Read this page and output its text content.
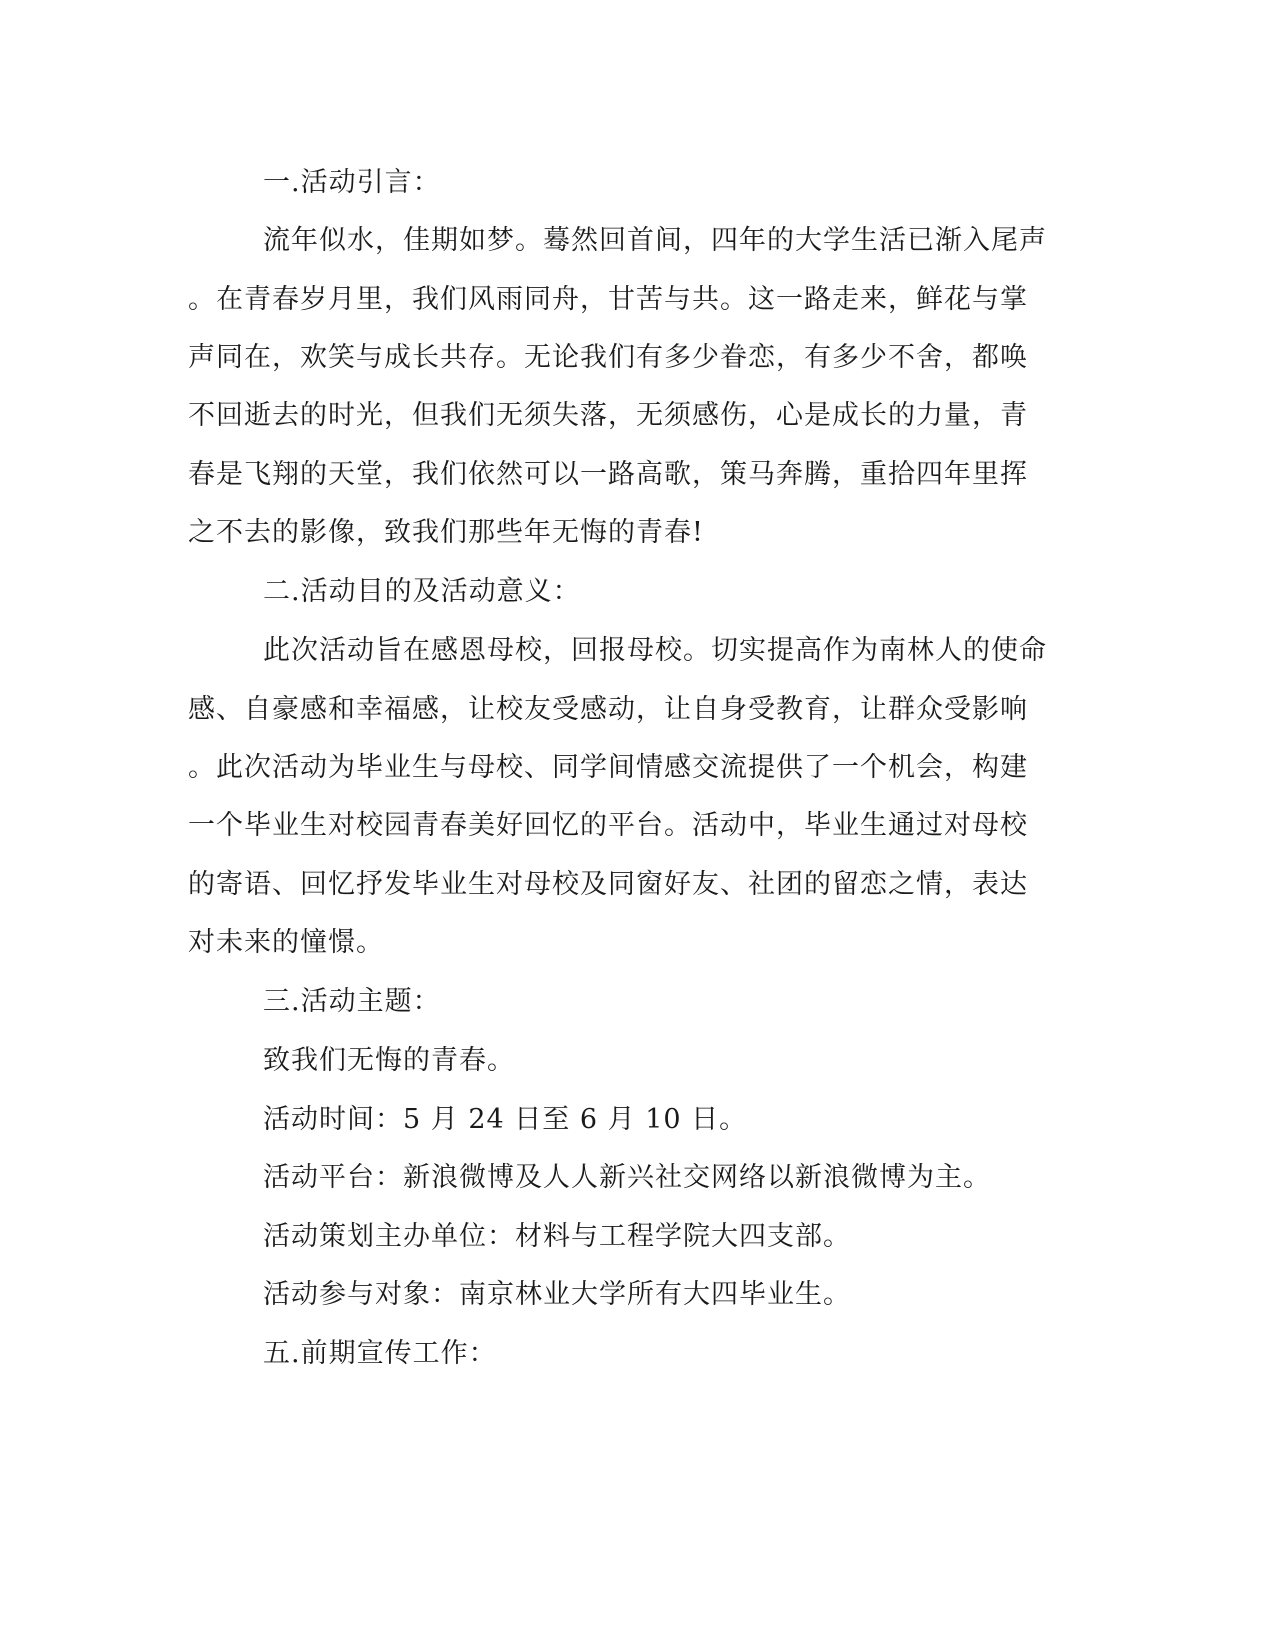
一.活动引言：
流年似水，佳期如梦。蓦然回首间，四年的大学生活已渐入尾声
。在青春岁月里，我们风雨同舟，甘苦与共。这一路走来，鲜花与掌
声同在，欢笑与成长共存。无论我们有多少眷恋，有多少不舍，都唤
不回逝去的时光，但我们无须失落，无须感伤，心是成长的力量，青
春是飞翔的天堂，我们依然可以一路高歌，策马奔腾，重拾四年里挥
之不去的影像，致我们那些年无悔的青春!
二.活动目的及活动意义：
此次活动旨在感恩母校，回报母校。切实提高作为南林人的使命
感、自豪感和幸福感，让校友受感动，让自身受教育，让群众受影响
。此次活动为毕业生与母校、同学间情感交流提供了一个机会，构建
一个毕业生对校园青春美好回忆的平台。活动中，毕业生通过对母校
的寄语、回忆抒发毕业生对母校及同窗好友、社团的留恋之情，表达
对未来的憧憬。
三.活动主题：
致我们无悔的青春。
活动时间：5 月 24 日至 6 月 10 日。
活动平台：新浪微博及人人新兴社交网络以新浪微博为主。
活动策划主办单位：材料与工程学院大四支部。
活动参与对象：南京林业大学所有大四毕业生。
五.前期宣传工作：
